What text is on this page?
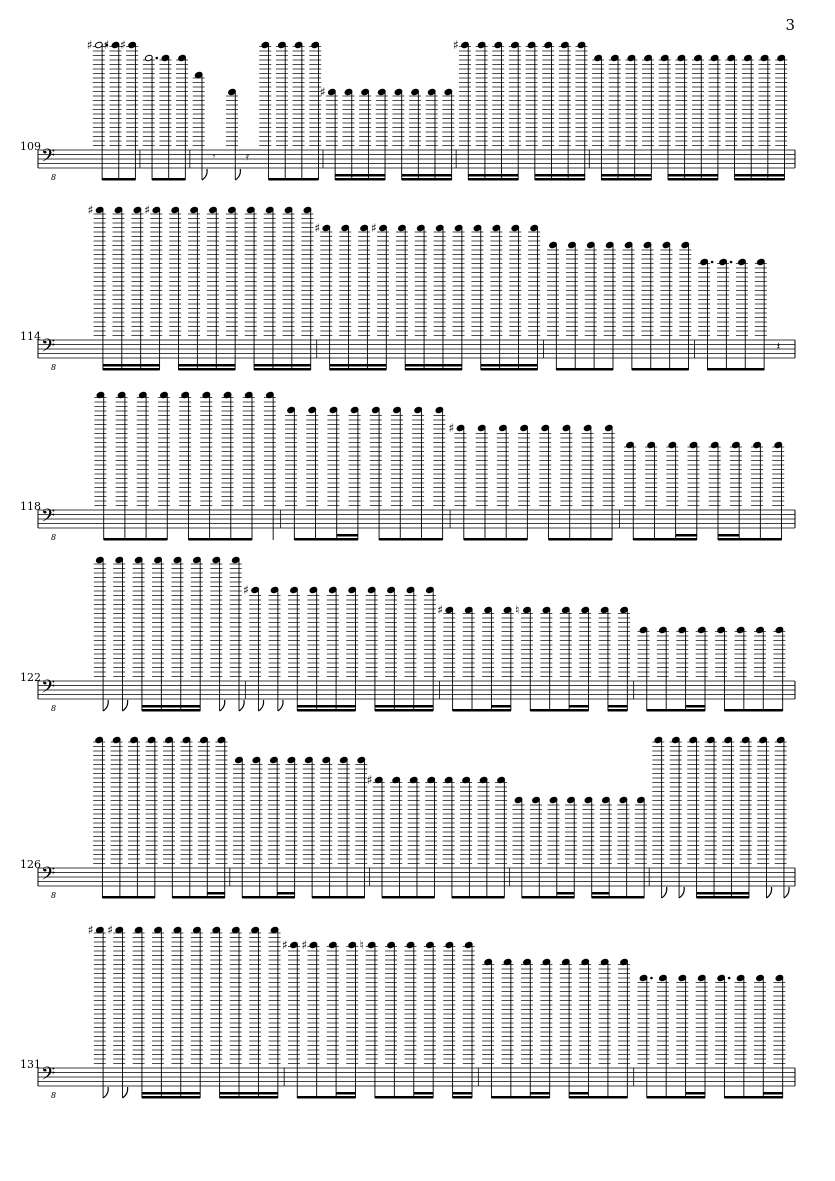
3
𝄢
8
♯ ♯ ♯
𝄾	𝄿
♯
♯
𝄢
8
♯	♯
♯	♯
𝄽
𝄢
8
♯
𝄢
8
♯
♯	♮
𝄢
8
♯
𝄢
8
♯ ♯
♯ ♯	♮
109
114
118
122
126
131
